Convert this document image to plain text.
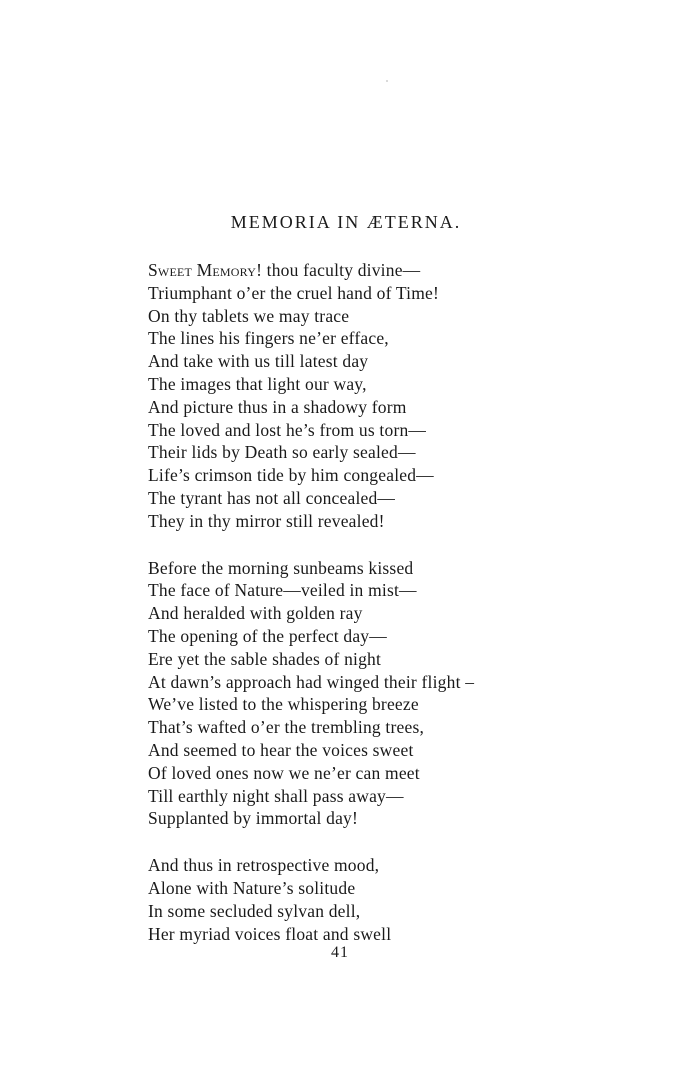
MEMORIA IN ÆTERNA.
Sweet Memory! thou faculty divine—
Triumphant o’er the cruel hand of Time!
On thy tablets we may trace
The lines his fingers ne’er efface,
And take with us till latest day
The images that light our way,
And picture thus in a shadowy form
The loved and lost he’s from us torn—
Their lids by Death so early sealed—
Life’s crimson tide by him congealed—
The tyrant has not all concealed—
They in thy mirror still revealed!
Before the morning sunbeams kissed
The face of Nature—veiled in mist—
And heralded with golden ray
The opening of the perfect day—
Ere yet the sable shades of night
At dawn’s approach had winged their flight –
We’ve listed to the whispering breeze
That’s wafted o’er the trembling trees,
And seemed to hear the voices sweet
Of loved ones now we ne’er can meet
Till earthly night shall pass away—
Supplanted by immortal day!
And thus in retrospective mood,
Alone with Nature’s solitude
In some secluded sylvan dell,
Her myriad voices float and swell
41
